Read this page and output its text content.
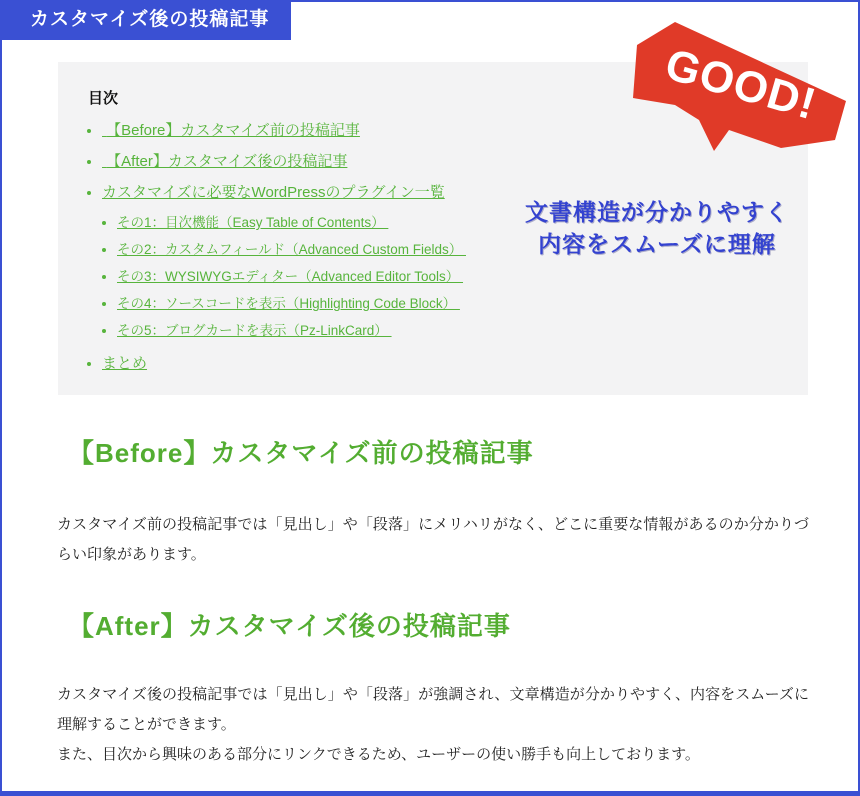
カスタマイズ後の投稿記事
目次
•  【Before】カスタマイズ前の投稿記事
•  【After】カスタマイズ後の投稿記事
• カスタマイズに必要なWordPressのプラグイン一覧
• その1：目次機能（Easy Table of Contents）
• その2：カスタムフィールド（Advanced Custom Fields）
• その3：WYSIWYGエディター（Advanced Editor Tools）
• その4：ソースコードを表示（Highlighting Code Block）
• その5：ブログカードを表示（Pz-LinkCard）
• まとめ
GOOD!
文書構造が分かりやすく
内容をスムーズに理解
【Before】カスタマイズ前の投稿記事
カスタマイズ前の投稿記事では「見出し」や「段落」にメリハリがなく、どこに重要な情報があるのか分かりづらい印象があります。
【After】カスタマイズ後の投稿記事
カスタマイズ後の投稿記事では「見出し」や「段落」が強調され、文章構造が分かりやすく、内容をスムーズに理解することができます。
また、目次から興味のある部分にリンクできるため、ユーザーの使い勝手も向上しております。
